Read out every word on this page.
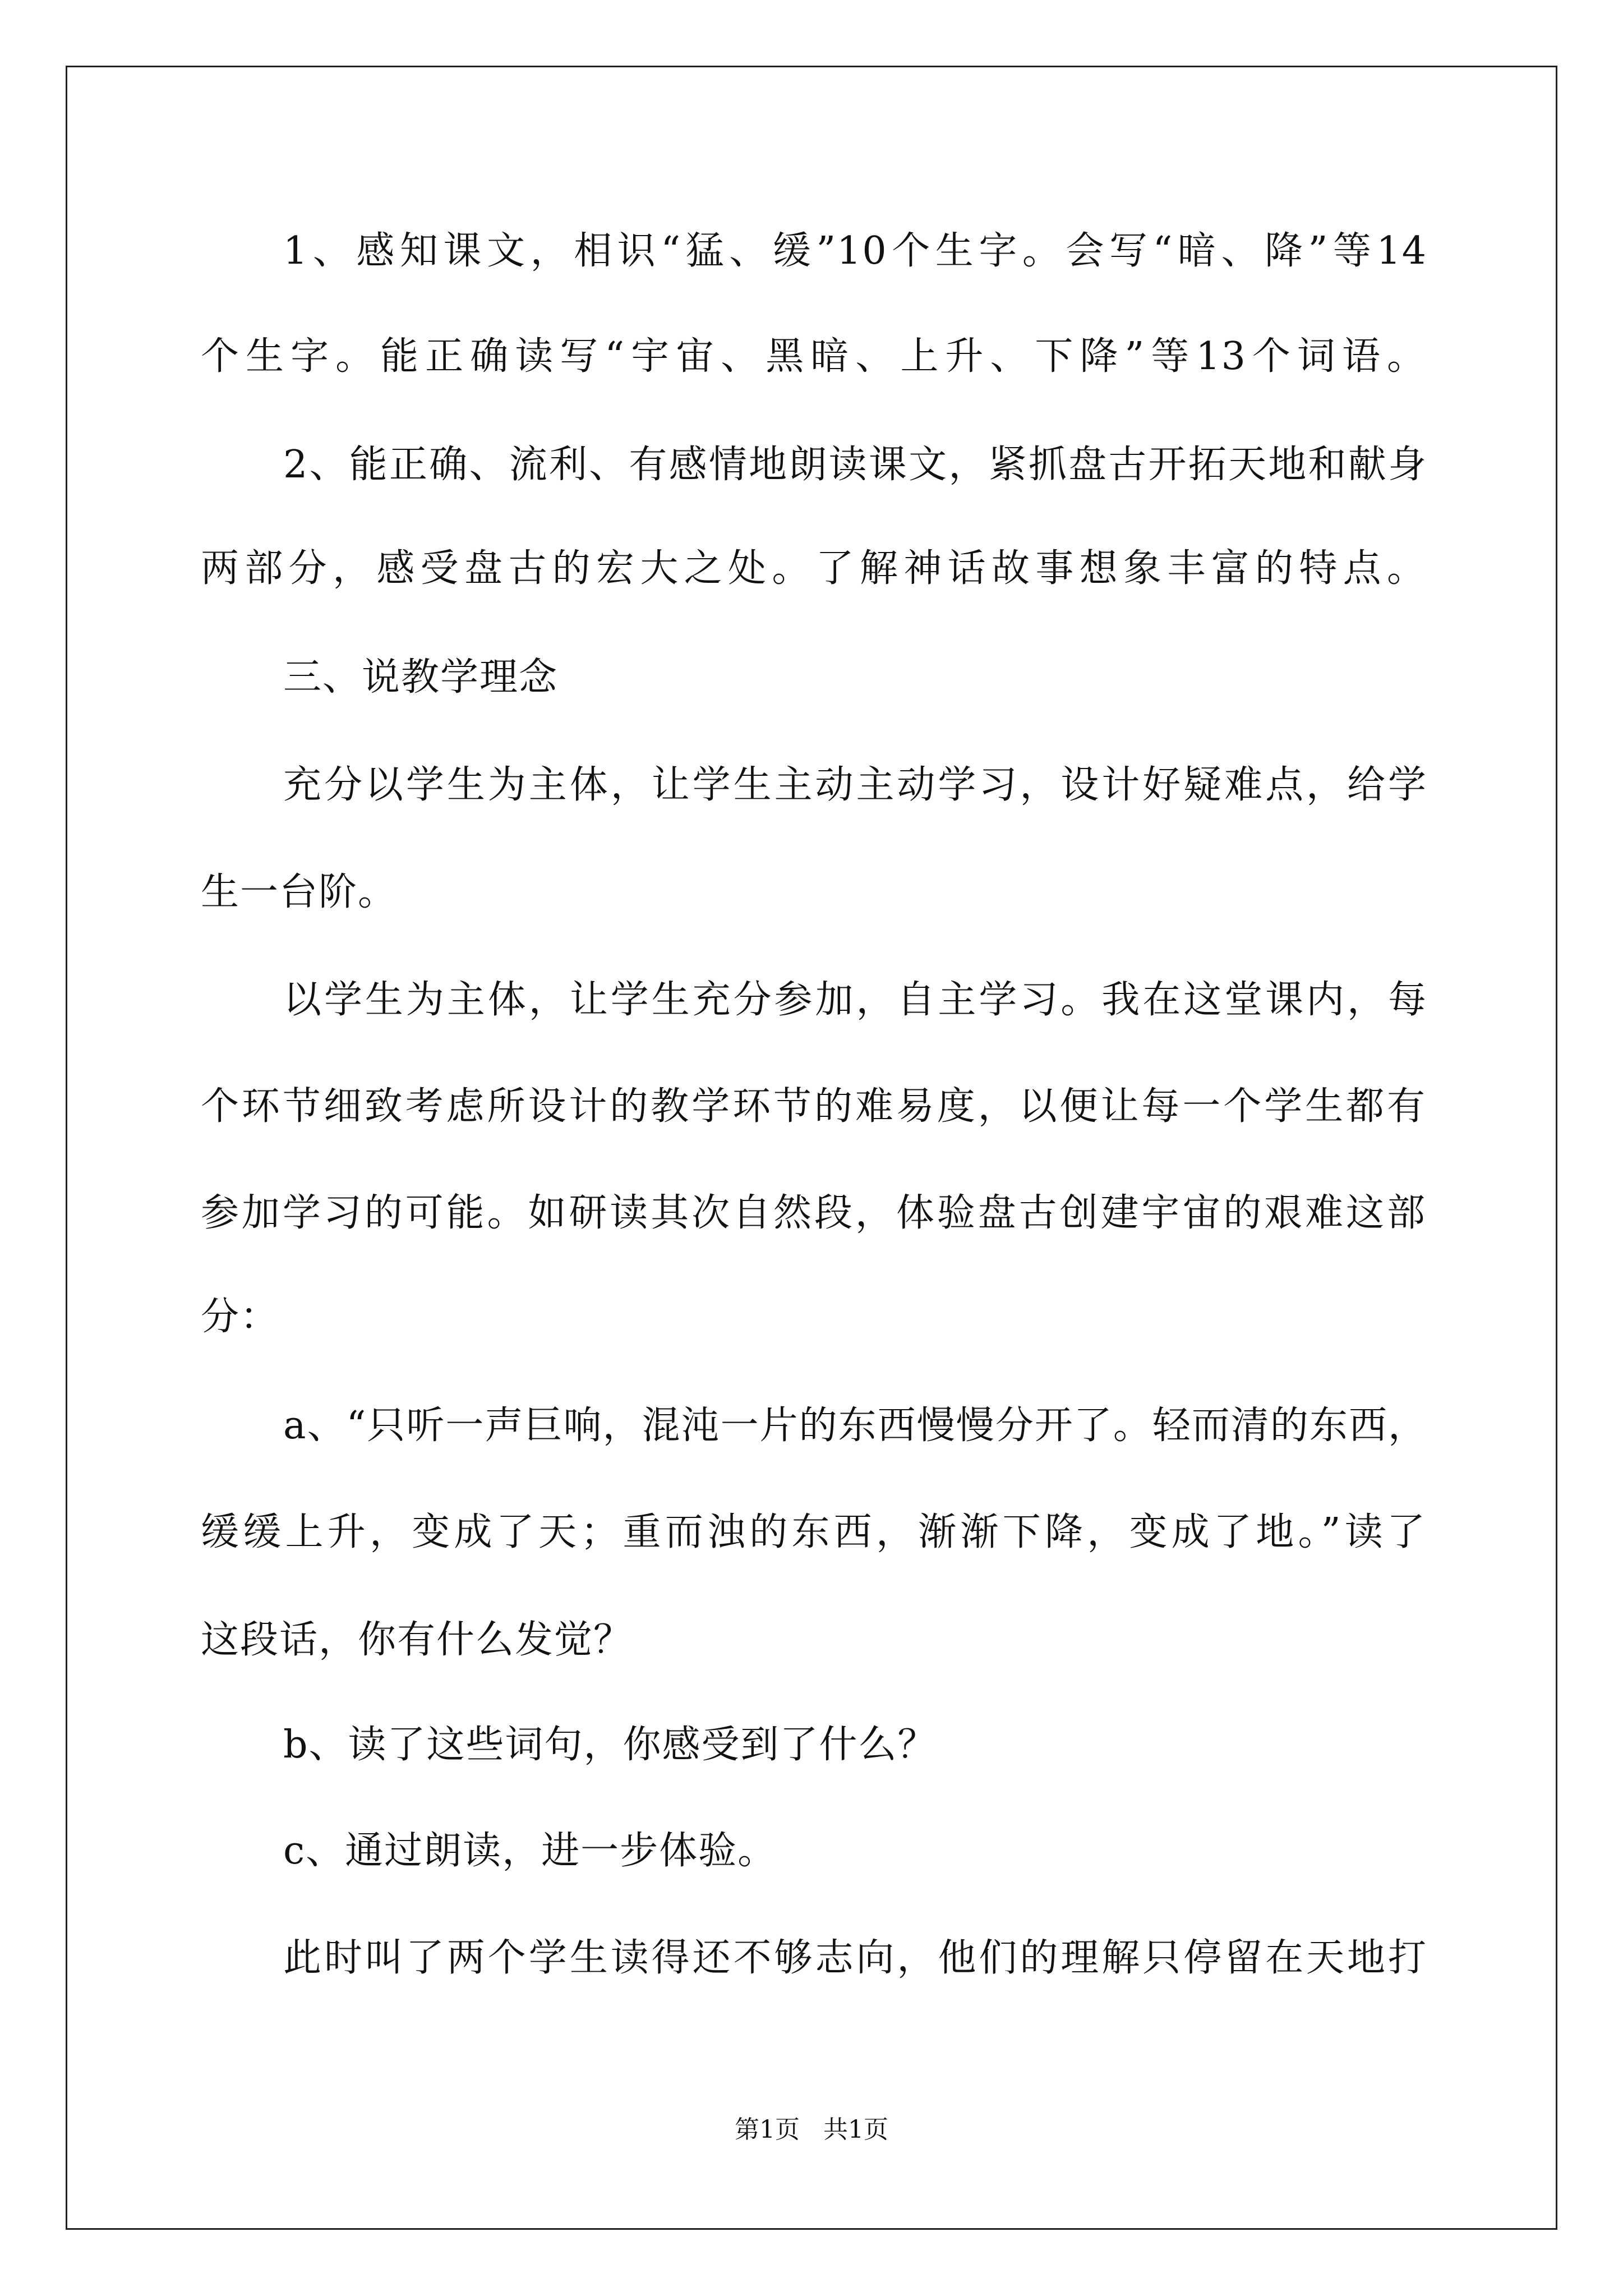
1、感知课文，相识“猛、缓”10个生字。会写“暗、降”等14
个生字。能正确读写“宇宙、黑暗、上升、下降”等13个词语。
2、能正确、流利、有感情地朗读课文，紧抓盘古开拓天地和献身
两部分，感受盘古的宏大之处。了解神话故事想象丰富的特点。
三、说教学理念
充分以学生为主体，让学生主动主动学习，设计好疑难点，给学
生一台阶。
以学生为主体，让学生充分参加，自主学习。我在这堂课内，每
个环节细致考虑所设计的教学环节的难易度，以便让每一个学生都有
参加学习的可能。如研读其次自然段，体验盘古创建宇宙的艰难这部
分：
a、“只听一声巨响，混沌一片的东西慢慢分开了。轻而清的东西，
缓缓上升，变成了天；重而浊的东西，渐渐下降，变成了地。”读了
这段话，你有什么发觉？
b、读了这些词句，你感受到了什么？
c、通过朗读，进一步体验。
此时叫了两个学生读得还不够志向，他们的理解只停留在天地打
第1页   共1页
